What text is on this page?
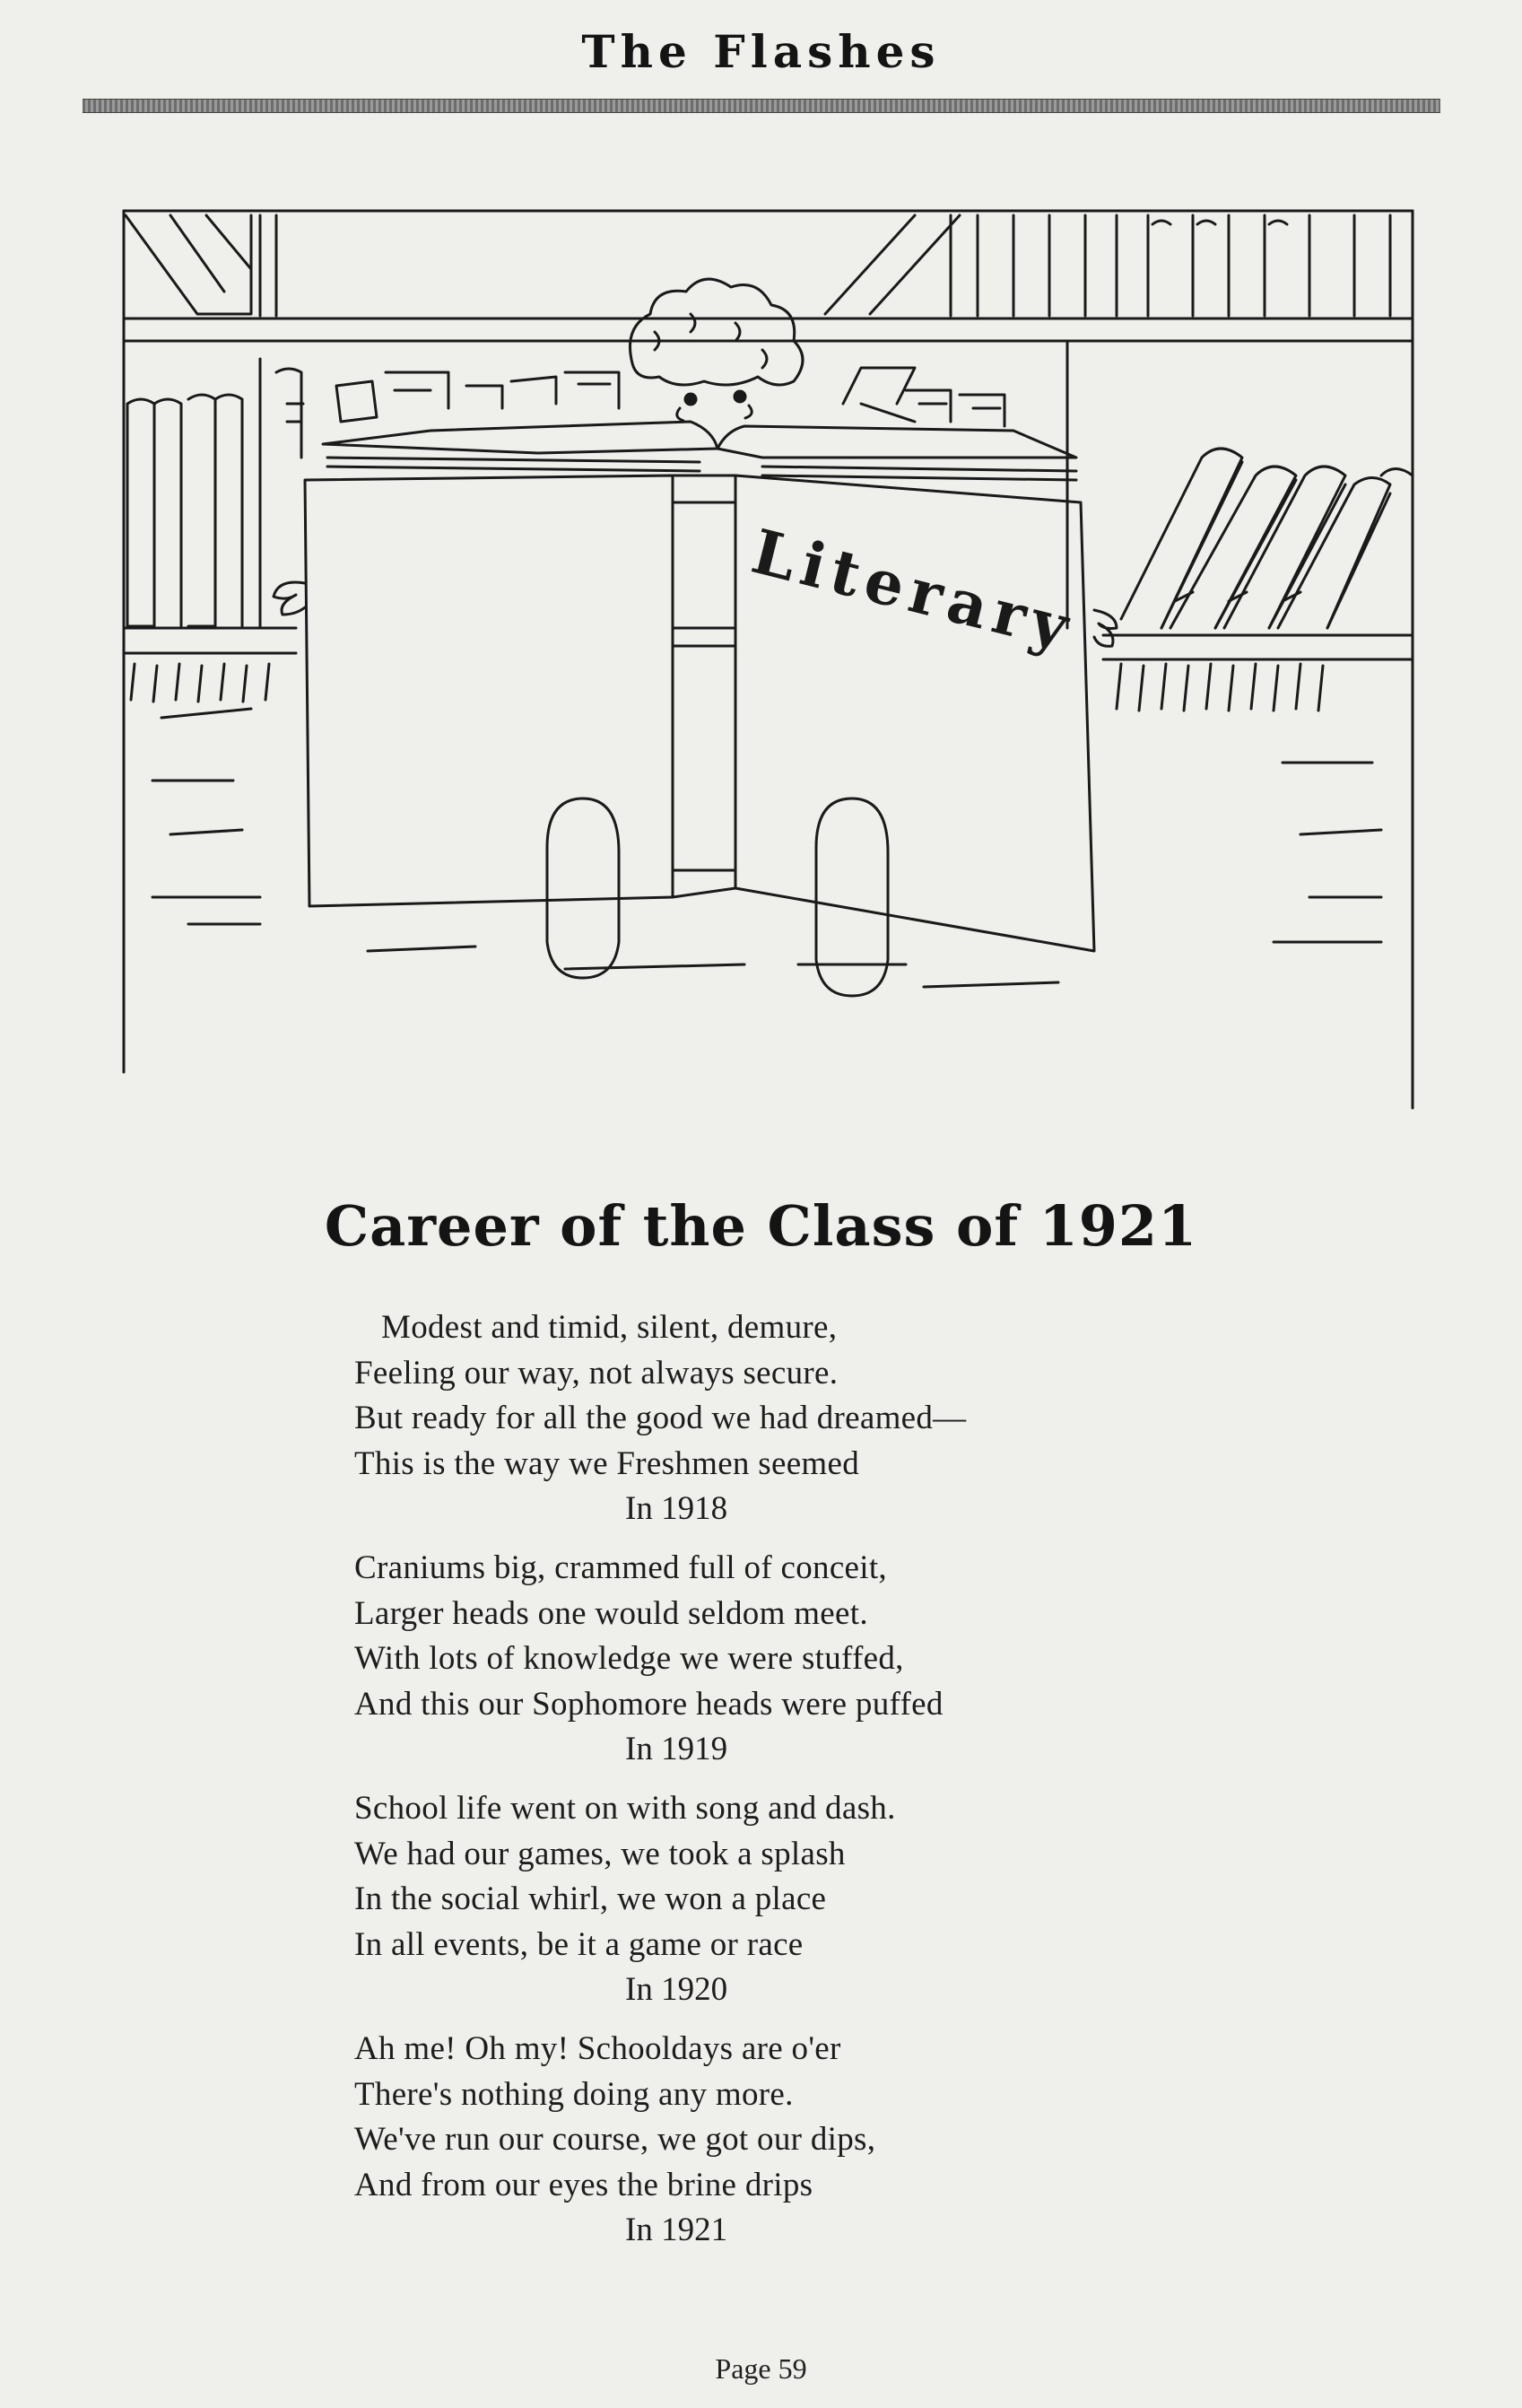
The Flashes
Literary
Career of the Class of 1921
Modest and timid, silent, demure,
Feeling our way, not always secure.
But ready for all the good we had dreamed—
This is the way we Freshmen seemed
In 1918
Craniums big, crammed full of conceit,
Larger heads one would seldom meet.
With lots of knowledge we were stuffed,
And this our Sophomore heads were puffed
In 1919
School life went on with song and dash.
We had our games, we took a splash
In the social whirl, we won a place
In all events, be it a game or race
In 1920
Ah me! Oh my! Schooldays are o'er
There's nothing doing any more.
We've run our course, we got our dips,
And from our eyes the brine drips
In 1921
Page 59
